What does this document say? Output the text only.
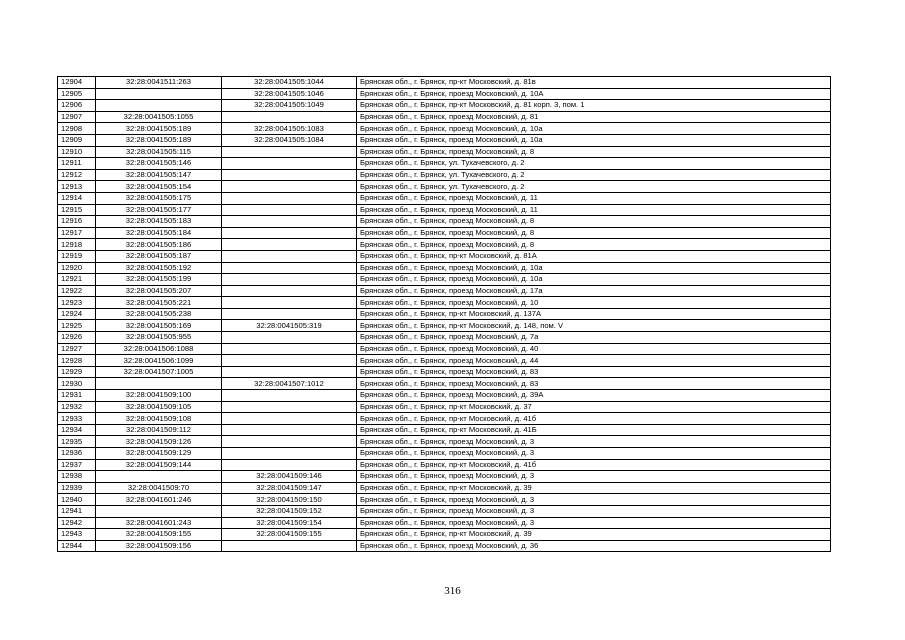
12904	32:28:0041511:263	32:28:0041505:1044	Брянская обл., г. Брянск, пр-кт Московский, д. 81в
12905		32:28:0041505:1046	Брянская обл., г. Брянск, проезд Московский, д. 10А
12906		32:28:0041505:1049	Брянская обл., г. Брянск, пр-кт Московский, д. 81 корп. 3, пом. 1
12907	32:28:0041505:1055		Брянская обл., г. Брянск, проезд Московский, д. 81
12908	32:28:0041505:189	32:28:0041505:1083	Брянская обл., г. Брянск, проезд Московский, д. 10а
12909	32:28:0041505:189	32:28:0041505:1084	Брянская обл., г. Брянск, проезд Московский, д. 10а
12910	32:28:0041505:115		Брянская обл., г. Брянск, проезд Московский, д. 8
12911	32:28:0041505:146		Брянская обл., г. Брянск, ул. Тухачевского, д. 2
12912	32:28:0041505:147		Брянская обл., г. Брянск, ул. Тухачевского, д. 2
12913	32:28:0041505:154		Брянская обл., г. Брянск, ул. Тухачевского, д. 2
12914	32:28:0041505:175		Брянская обл., г. Брянск, проезд Московский, д. 11
12915	32:28:0041505:177		Брянская обл., г. Брянск, проезд Московский, д. 11
12916	32:28:0041505:183		Брянская обл., г. Брянск, проезд Московский, д. 8
12917	32:28:0041505:184		Брянская обл., г. Брянск, проезд Московский, д. 8
12918	32:28:0041505:186		Брянская обл., г. Брянск, проезд Московский, д. 8
12919	32:28:0041505:187		Брянская обл., г. Брянск, пр-кт Московский, д. 81А
12920	32:28:0041505:192		Брянская обл., г. Брянск, проезд Московский, д. 10а
12921	32:28:0041505:199		Брянская обл., г. Брянск, проезд Московский, д. 10а
12922	32:28:0041505:207		Брянская обл., г. Брянск, проезд Московский, д. 17а
12923	32:28:0041505:221		Брянская обл., г. Брянск, проезд Московский, д. 10
12924	32:28:0041505:238		Брянская обл., г. Брянск, пр-кт Московский, д. 137А
12925	32:28:0041505:169	32:28:0041505:319	Брянская обл., г. Брянск, пр-кт Московский, д. 148, пом. V
12926	32:28:0041505:955		Брянская обл., г. Брянск, проезд Московский, д. 7а
12927	32:28:0041506:1088		Брянская обл., г. Брянск, проезд Московский, д. 40
12928	32:28:0041506:1099		Брянская обл., г. Брянск, проезд Московский, д. 44
12929	32:28:0041507:1005		Брянская обл., г. Брянск, проезд Московский, д. 83
12930		32:28:0041507:1012	Брянская обл., г. Брянск, проезд Московский, д. 83
12931	32:28:0041509:100		Брянская обл., г. Брянск, проезд Московский, д. 39А
12932	32:28:0041509:105		Брянская обл., г. Брянск, пр-кт Московский, д. 37
12933	32:28:0041509:108		Брянская обл., г. Брянск, пр-кт Московский, д. 41б
12934	32:28:0041509:112		Брянская обл., г. Брянск, пр-кт Московский, д. 41Б
12935	32:28:0041509:126		Брянская обл., г. Брянск, проезд Московский, д. 3
12936	32:28:0041509:129		Брянская обл., г. Брянск, проезд Московский, д. 3
12937	32:28:0041509:144		Брянская обл., г. Брянск, пр-кт Московский, д. 41б
12938		32:28:0041509:146	Брянская обл., г. Брянск, проезд Московский, д. 3
12939	32:28:0041509:70	32:28:0041509:147	Брянская обл., г. Брянск, пр-кт Московский, д. 39
12940	32:28:0041601:246	32:28:0041509:150	Брянская обл., г. Брянск, проезд Московский, д. 3
12941		32:28:0041509:152	Брянская обл., г. Брянск, проезд Московский, д. 3
12942	32:28:0041601:243	32:28:0041509:154	Брянская обл., г. Брянск, проезд Московский, д. 3
12943	32:28:0041509:155	32:28:0041509:155	Брянская обл., г. Брянск, пр-кт Московский, д. 39
12944	32:28:0041509:156		Брянская обл., г. Брянск, проезд Московский, д. 36
316
